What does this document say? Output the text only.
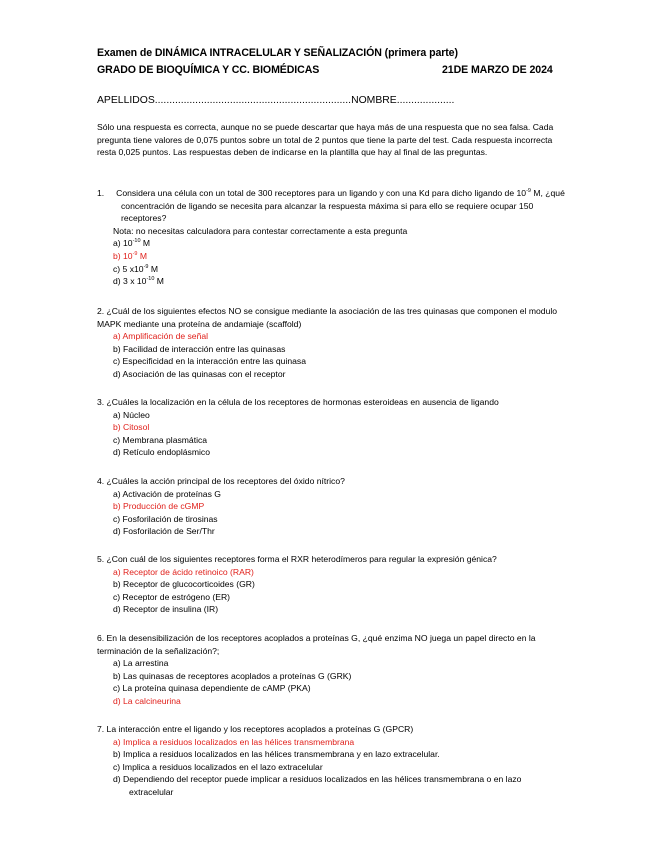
Examen de DINÁMICA INTRACELULAR Y SEÑALIZACIÓN (primera parte)
GRADO DE BIOQUÍMICA Y CC. BIOMÉDICAS	21DE MARZO DE 2024
APELLIDOS....................................................................NOMBRE....................
Sólo una respuesta es correcta, aunque no se puede descartar que haya más de una respuesta que no sea falsa. Cada pregunta tiene valores de 0,075 puntos sobre un total de 2 puntos que tiene la parte del test. Cada respuesta incorrecta resta 0,025 puntos. Las respuestas deben de indicarse en la plantilla que hay al final de las preguntas.
1. Considera una célula con un total de 300 receptores para un ligando y con una Kd para dicho ligando de $10^{-9}$ M, ¿qué concentración de ligando se necesita para alcanzar la respuesta máxima si para ello se requiere ocupar 150 receptores?
Nota: no necesitas calculadora para contestar correctamente a esta pregunta
a) $10^{-10}$ M
b) $10^{-9}$ M
c) 5 $x10^{-9}$ M
d) 3 x $10^{-10}$ M
2. ¿Cuál de los siguientes efectos NO se consigue mediante la asociación de las tres quinasas que componen el modulo MAPK mediante una proteína de andamiaje (scaffold)
a) Amplificación de señal
b) Facilidad de interacción entre las quinasas
c) Especificidad en la interacción entre las quinasa
d) Asociación de las quinasas con el receptor
3. ¿Cuáles la localización en la célula de los receptores de hormonas esteroideas en ausencia de ligando
a) Núcleo
b) Citosol
c) Membrana plasmática
d) Retículo endoplásmico
4. ¿Cuáles la acción principal de los receptores del óxido nítrico?
a) Activación de proteínas G
b) Producción de cGMP
c) Fosforilación de tirosinas
d) Fosforilación de Ser/Thr
5. ¿Con cuál de los siguientes receptores forma el RXR heterodímeros para regular la expresión génica?
a) Receptor de ácido retinoico (RAR)
b) Receptor de glucocorticoides (GR)
c) Receptor de estrógeno (ER)
d) Receptor de insulina (IR)
6. En la desensibilización de los receptores acoplados a proteínas G, ¿qué enzima NO juega un papel directo en la terminación de la señalización?;
a) La arrestina
b) Las quinasas de receptores acoplados a proteínas G (GRK)
c) La proteína quinasa dependiente de cAMP (PKA)
d) La calcineurina
7. La interacción entre el ligando y los receptores acoplados a proteínas G (GPCR)
a) Implica a residuos localizados en las hélices transmembrana
b) Implica a residuos localizados en las hélices transmembrana y en lazo extracelular.
c) Implica a residuos localizados en el lazo extracelular
d) Dependiendo del receptor puede implicar a residuos localizados en las hélices transmembrana o en lazo extracelular
